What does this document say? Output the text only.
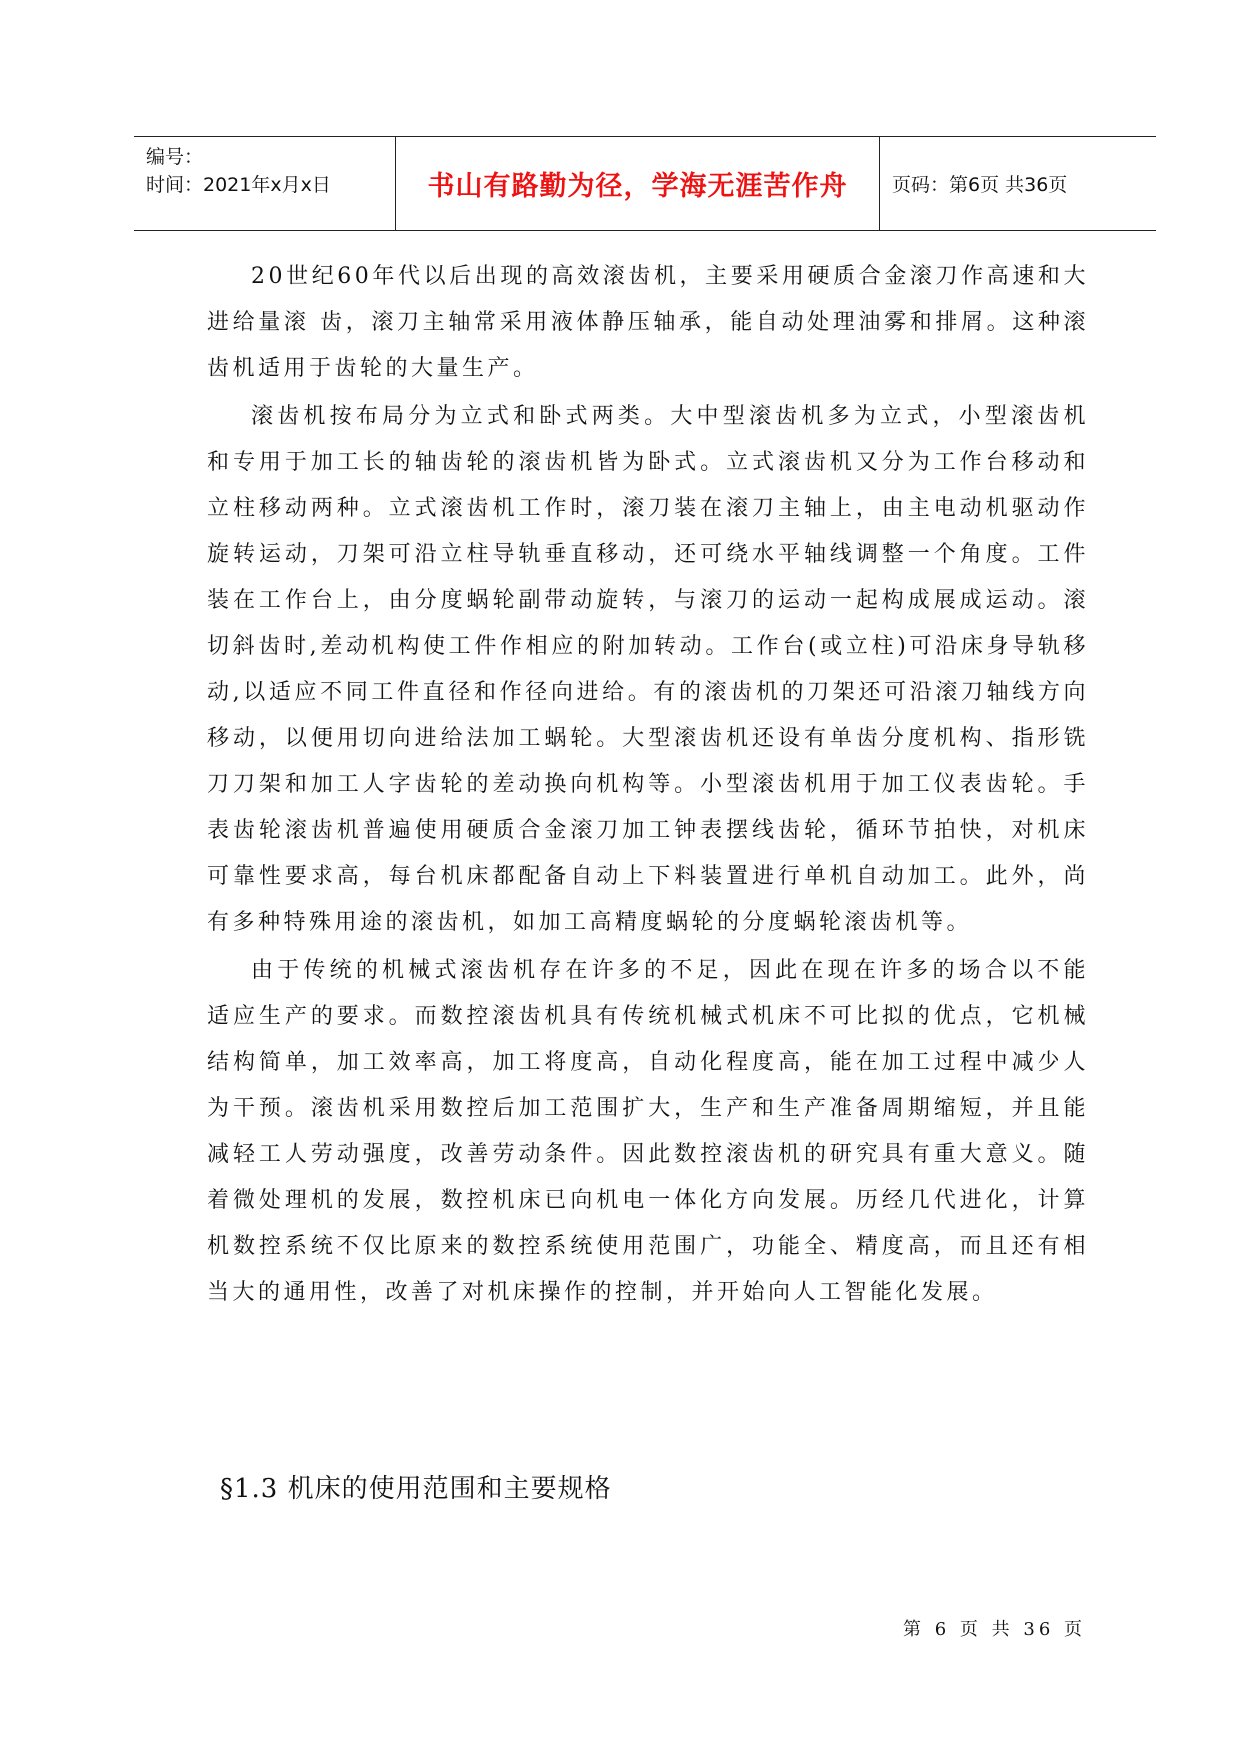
编号：
时间：2021年x月x日	书山有路勤为径，学海无涯苦作舟 页码：第6页 共36页

20世纪60年代以后出现的高效滚齿机，主要采用硬质合金滚刀作高速和大进给量滚 齿，滚刀主轴常采用液体静压轴承，能自动处理油雾和排屑。这种滚齿机适用于齿轮的大量生产。

滚齿机按布局分为立式和卧式两类。大中型滚齿机多为立式，小型滚齿机和专用于加工长的轴齿轮的滚齿机皆为卧式。立式滚齿机又分为工作台移动和立柱移动两种。立式滚齿机工作时，滚刀装在滚刀主轴上，由主电动机驱动作旋转运动，刀架可沿立柱导轨垂直移动，还可绕水平轴线调整一个角度。工件装在工作台上，由分度蜗轮副带动旋转，与滚刀的运动一起构成展成运动。滚切斜齿时,差动机构使工件作相应的附加转动。工作台(或立柱)可沿床身导轨移动,以适应不同工件直径和作径向进给。有的滚齿机的刀架还可沿滚刀轴线方向移动，以便用切向进给法加工蜗轮。大型滚齿机还设有单齿分度机构、指形铣刀刀架和加工人字齿轮的差动换向机构等。小型滚齿机用于加工仪表齿轮。手表齿轮滚齿机普遍使用硬质合金滚刀加工钟表摆线齿轮，循环节拍快，对机床可靠性要求高，每台机床都配备自动上下料装置进行单机自动加工。此外，尚有多种特殊用途的滚齿机，如加工高精度蜗轮的分度蜗轮滚齿机等。

由于传统的机械式滚齿机存在许多的不足，因此在现在许多的场合以不能适应生产的要求。而数控滚齿机具有传统机械式机床不可比拟的优点，它机械结构简单，加工效率高，加工将度高，自动化程度高，能在加工过程中减少人为干预。滚齿机采用数控后加工范围扩大，生产和生产准备周期缩短，并且能减轻工人劳动强度，改善劳动条件。因此数控滚齿机的研究具有重大意义。随着微处理机的发展，数控机床已向机电一体化方向发展。历经几代进化，计算机数控系统不仅比原来的数控系统使用范围广，功能全、精度高，而且还有相当大的通用性，改善了对机床操作的控制，并开始向人工智能化发展。

§1.3 机床的使用范围和主要规格
第 6 页 共 36 页
